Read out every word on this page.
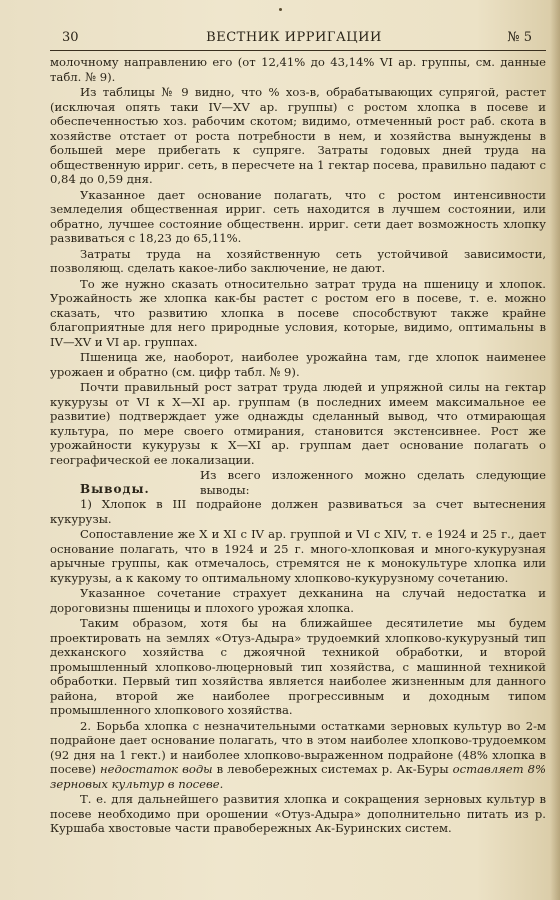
30	ВЕСТНИК ИРРИГАЦИИ	№ 5

молочному направлению его (от 12,41% до 43,14% VI ар. группы, см. данные табл. № 9).

Из таблицы № 9 видно, что % хоз-в, обрабатывающих супрягой, растет (исключая опять таки IV—XV ар. группы) с ростом хлопка в посеве и обеспеченностью хоз. рабочим скотом; видимо, отмеченный рост раб. скота в хозяйстве отстает от роста потребности в нем, и хозяйства вынуждены в большей мере прибегать к супряге. Затраты годовых дней труда на общественную ирриг. сеть, в пересчете на 1 гектар посева, правильно падают с 0,84 до 0,59 дня.

Указанное дает основание полагать, что с ростом интенсивности земледелия общественная ирриг. сеть находится в лучшем состоянии, или обратно, лучшее состояние общественн. ирриг. сети дает возможность хлопку развиваться с 18,23 до 65,11%.

Затраты труда на хозяйственную сеть устойчивой зависимости, позволяющ. сделать какое-либо заключение, не дают.

То же нужно сказать относительно затрат труда на пшеницу и хлопок. Урожайность же хлопка как-бы растет с ростом его в посеве, т. е. можно сказать, что развитию хлопка в посеве способствуют также крайне благоприятные для него природные условия, которые, видимо, оптимальны в IV—XV и VI ар. группах.

Пшеница же, наоборот, наиболее урожайна там, где хлопок наименее урожаен и обратно (см. цифр табл. № 9).

Почти правильный рост затрат труда людей и упряжной силы на гектар кукурузы от VI к X—XI ар. группам (в последних имеем максимальное ее развитие) подтверждает уже однажды сделанный вывод, что отмирающая культура, по мере своего отмирания, становится экстенсивнее. Рост же урожайности кукурузы к X—XI ар. группам дает основание полагать о географической ее локализации.

Выводы.
Из всего изложенного можно сделать следующие выводы:

1) Хлопок в III подрайоне должен развиваться за счет вытеснения кукурузы.

Сопоставление же X и XI с IV ар. группой и VI с XIV, т. е 1924 и 25 г., дает основание полагать, что в 1924 и 25 г. много-хлопковая и много-кукурузная арычные группы, как отмечалось, стремятся не к монокультуре хлопка или кукурузы, а к какому то оптимальному хлопково-кукурузному сочетанию.

Указанное сочетание страхует дехканина на случай недостатка и дороговизны пшеницы и плохого урожая хлопка.

Таким образом, хотя бы на ближайшее десятилетие мы будем проектировать на землях «Отуз-Адыра» трудоемкий хлопково-кукурузный тип дехканского хозяйства с джоячной техникой обработки, и второй промышленный хлопково-люцерновый тип хозяйства, с машинной техникой обработки. Первый тип хозяйства является наиболее жизненным для данного района, второй же наиболее прогрессивным и доходным типом промышленного хлопкового хозяйства.

2. Борьба хлопка с незначительными остатками зерновых культур во 2-м подрайоне дает основание полагать, что в этом наиболее хлопково-трудоемком (92 дня на 1 гект.) и наиболее хлопково-выраженном подрайоне (48% хлопка в посеве) недостаток воды в левобережных системах р. Ак-Буры оставляет 8% зерновых культур в посеве.

Т. е. для дальнейшего развития хлопка и сокращения зерновых культур в посеве необходимо при орошении «Отуз-Адыра» дополнительно питать из р. Куршаба хвостовые части правобережных Ак-Буринских систем.
